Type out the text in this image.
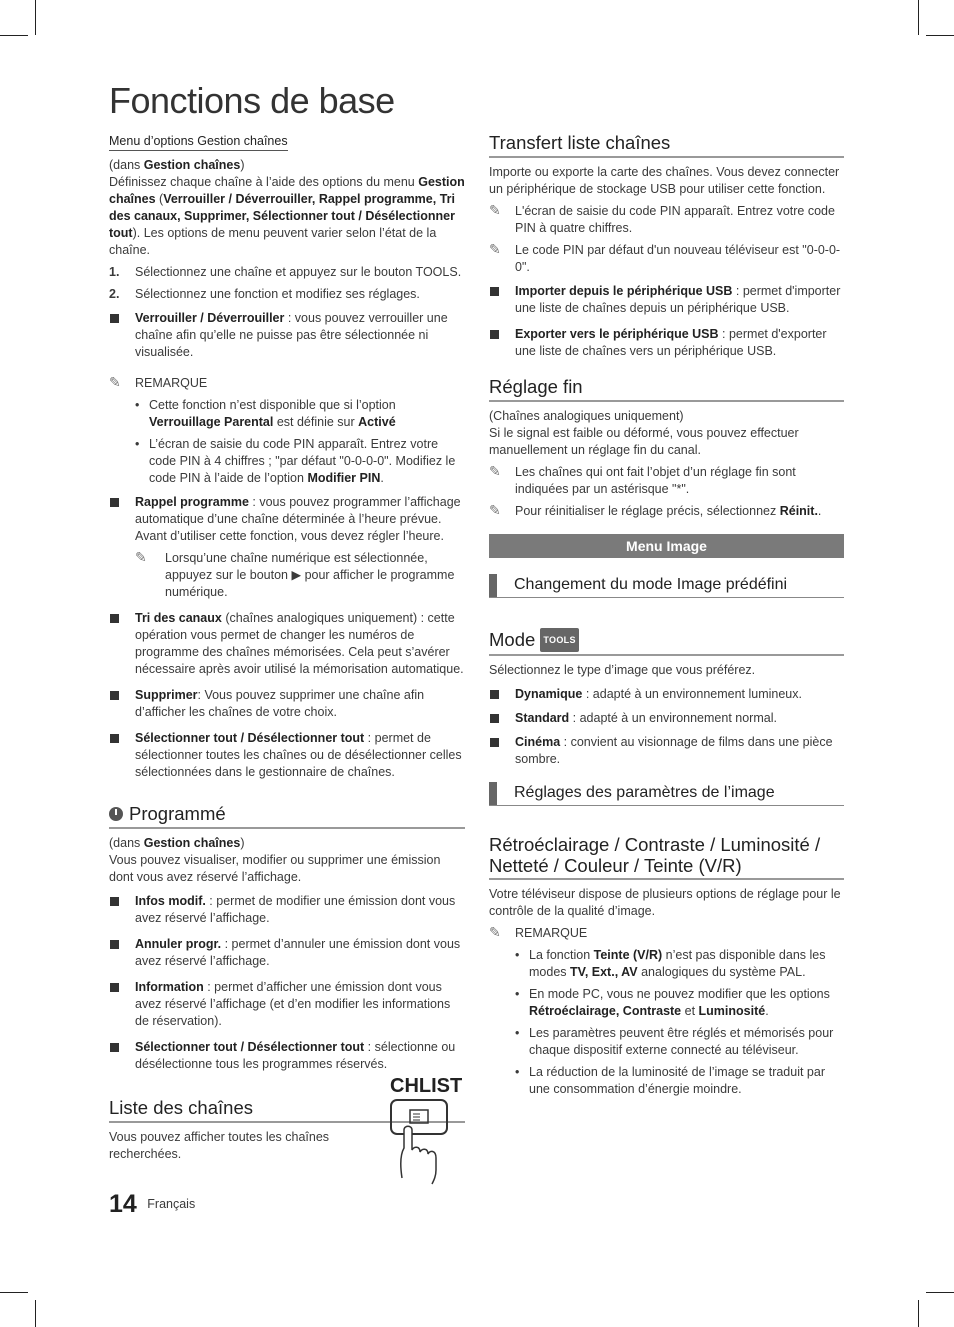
Fonctions de base
Menu d’options Gestion chaînes

(dans Gestion chaînes)

Définissez chaque chaîne à l’aide des options du menu Gestion chaînes (Verrouiller / Déverrouiller, Rappel programme, Tri des canaux, Supprimer, Sélectionner tout / Désélectionner tout). Les options de menu peuvent varier selon l’état de la chaîne.

1. Sélectionnez une chaîne et appuyez sur le bouton TOOLS.
2. Sélectionnez une fonction et modifiez ses réglages.
Verrouiller / Déverrouiller : vous pouvez verrouiller une chaîne afin qu’elle ne puisse pas être sélectionnée ni visualisée.
✎ REMARQUE
• Cette fonction n’est disponible que si l’option Verrouillage Parental est définie sur Activé
• L’écran de saisie du code PIN apparaît. Entrez votre code PIN à 4 chiffres ; "par défaut "0-0-0-0". Modifiez le code PIN à l’aide de l’option Modifier PIN.
Rappel programme : vous pouvez programmer l’affichage automatique d’une chaîne déterminée à l’heure prévue. Avant d’utiliser cette fonction, vous devez régler l’heure.
✎ Lorsqu’une chaîne numérique est sélectionnée, appuyez sur le bouton ▶ pour afficher le programme numérique.
Tri des canaux (chaînes analogiques uniquement) : cette opération vous permet de changer les numéros de programme des chaînes mémorisées. Cela peut s’avérer nécessaire après avoir utilisé la mémorisation automatique.
Supprimer: Vous pouvez supprimer une chaîne afin d’afficher les chaînes de votre choix.
Sélectionner tout / Désélectionner tout : permet de sélectionner toutes les chaînes ou de désélectionner celles sélectionnées dans le gestionnaire de chaînes.
Programmé

(dans Gestion chaînes)

Vous pouvez visualiser, modifier ou supprimer une émission dont vous avez réservé l’affichage.

Infos modif. : permet de modifier une émission dont vous avez réservé l’affichage.
Annuler progr. : permet d’annuler une émission dont vous avez réservé l’affichage.
Information : permet d’afficher une émission dont vous avez réservé l’affichage (et d’en modifier les informations de réservation).
Sélectionner tout / Désélectionner tout : sélectionne ou désélectionne tous les programmes réservés.
Liste des chaînes

Vous pouvez afficher toutes les chaînes recherchées.

CHLIST
Transfert liste chaînes

Importe ou exporte la carte des chaînes. Vous devez connecter un périphérique de stockage USB pour utiliser cette fonction.

✎ L'écran de saisie du code PIN apparaît. Entrez votre code PIN à quatre chiffres.
✎ Le code PIN par défaut d'un nouveau téléviseur est "0-0-0-0".
Importer depuis le périphérique USB : permet d'importer une liste de chaînes depuis un périphérique USB.
Exporter vers le périphérique USB : permet d'exporter une liste de chaînes vers un périphérique USB.
Réglage fin

(Chaînes analogiques uniquement)

Si le signal est faible ou déformé, vous pouvez effectuer manuellement un réglage fin du canal.

✎ Les chaînes qui ont fait l’objet d’un réglage fin sont indiquées par un astérisque "*".
✎ Pour réinitialiser le réglage précis, sélectionnez Réinit..
Menu Image
Changement du mode Image prédéfini
Mode TOOLS

Sélectionnez le type d’image que vous préférez.

Dynamique : adapté à un environnement lumineux.
Standard : adapté à un environnement normal.
Cinéma : convient au visionnage de films dans une pièce sombre.
Réglages des paramètres de l’image
Rétroéclairage / Contraste / Luminosité / Netteté / Couleur / Teinte (V/R)

Votre téléviseur dispose de plusieurs options de réglage pour le contrôle de la qualité d’image.

✎ REMARQUE
• La fonction Teinte (V/R) n’est pas disponible dans les modes TV, Ext., AV analogiques du système PAL.
• En mode PC, vous ne pouvez modifier que les options Rétroéclairage, Contraste et Luminosité.
• Les paramètres peuvent être réglés et mémorisés pour chaque dispositif externe connecté au téléviseur.
• La réduction de la luminosité de l’image se traduit par une consommation d’énergie moindre.
14 $^{Français}$
